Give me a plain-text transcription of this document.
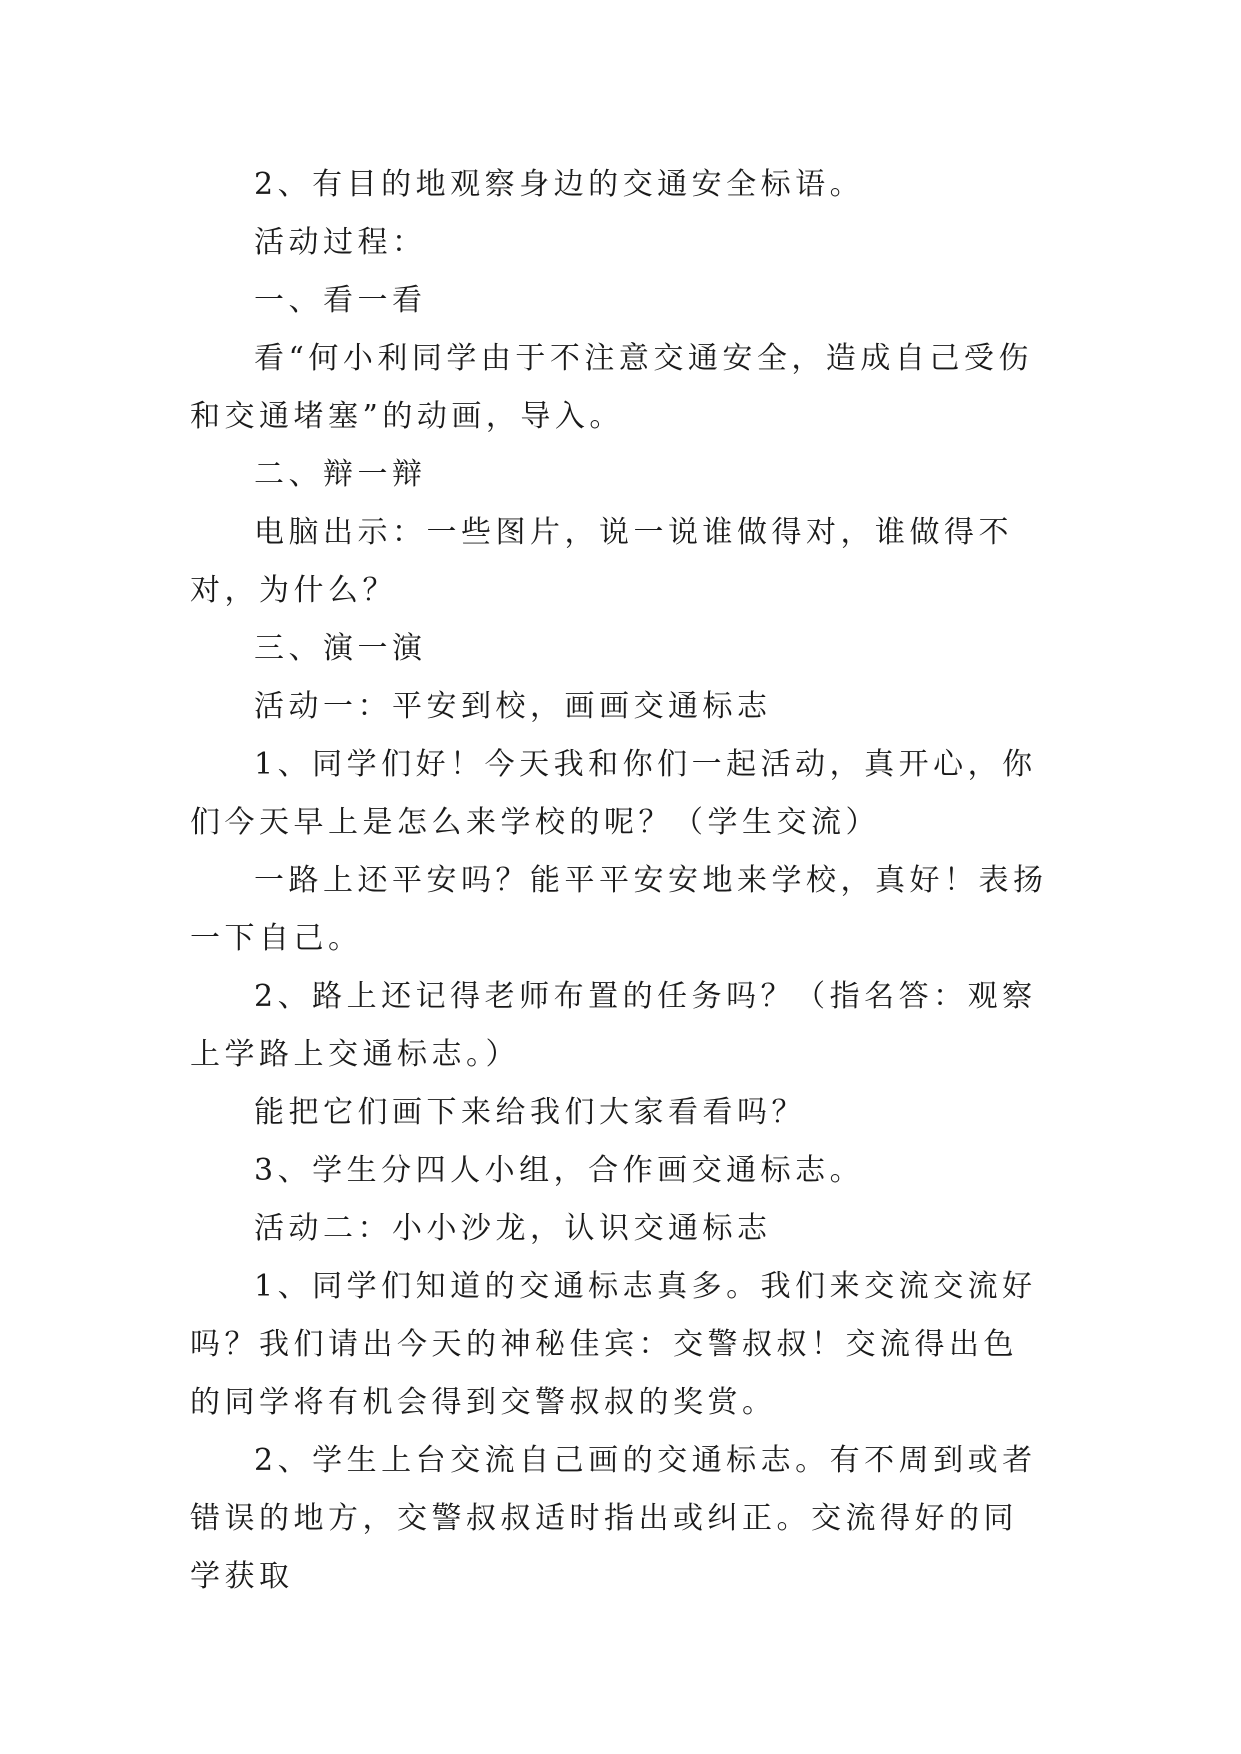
2、有目的地观察身边的交通安全标语。

活动过程：

一、看一看

看“何小利同学由于不注意交通安全，造成自己受伤和交通堵塞”的动画，导入。

二、辩一辩

电脑出示：一些图片，说一说谁做得对，谁做得不对，为什么？

三、演一演

活动一：平安到校，画画交通标志

1、同学们好！今天我和你们一起活动，真开心，你们今天早上是怎么来学校的呢？（学生交流）

一路上还平安吗？能平平安安地来学校，真好！表扬一下自己。

2、路上还记得老师布置的任务吗？（指名答：观察上学路上交通标志。）

能把它们画下来给我们大家看看吗？

3、学生分四人小组，合作画交通标志。

活动二：小小沙龙，认识交通标志

1、同学们知道的交通标志真多。我们来交流交流好吗？我们请出今天的神秘佳宾：交警叔叔！交流得出色的同学将有机会得到交警叔叔的奖赏。

2、学生上台交流自己画的交通标志。有不周到或者错误的地方，交警叔叔适时指出或纠正。交流得好的同学获取
